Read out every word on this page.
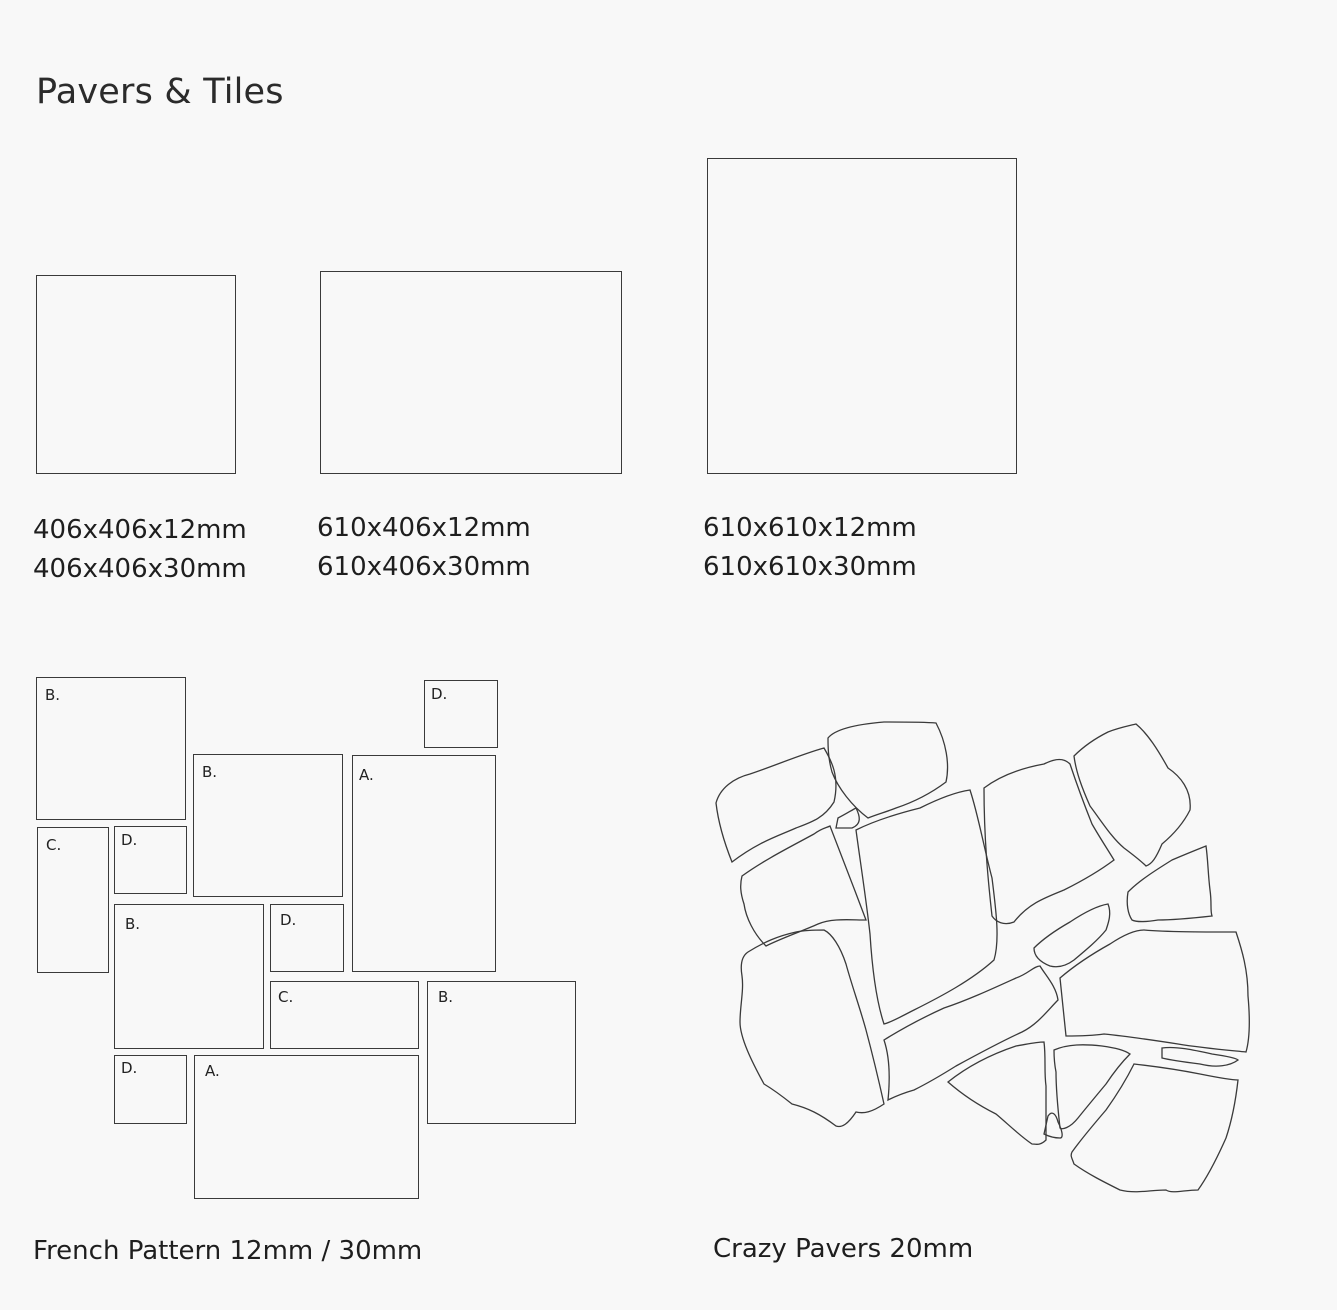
Pavers & Tiles
406x406x12mm
406x406x30mm
610x406x12mm
610x406x30mm
610x610x12mm
610x610x30mm
B.	D.
C.	D.
B.	A.
B.	D.
C.	B.
D.	A.
French Pattern 12mm / 30mm	Crazy Pavers 20mm
